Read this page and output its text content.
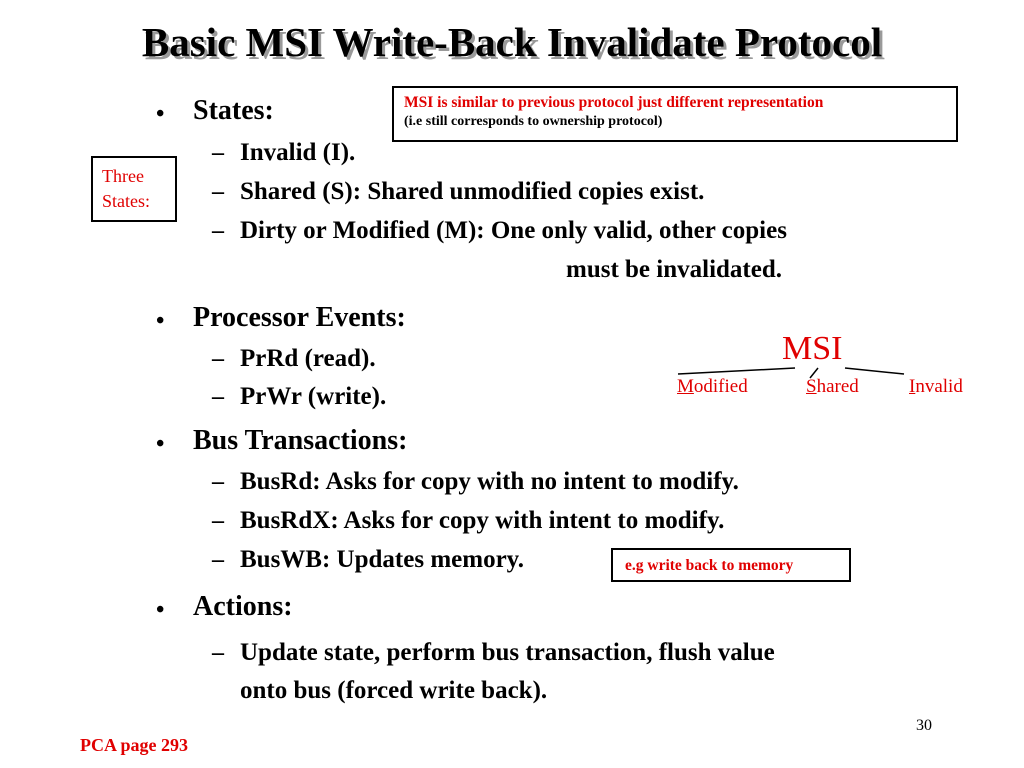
Basic MSI Write-Back Invalidate Protocol
• States:
– Invalid (I).
– Shared (S): Shared unmodified copies exist.
– Dirty or Modified (M): One only valid, other copies
must be invalidated.
MSI is similar to previous protocol just different representation
(i.e still corresponds to ownership protocol)
Three
States:
• Processor Events:
– PrRd (read).
– PrWr (write).
MSI
Modified	Shared	Invalid
• Bus Transactions:
– BusRd: Asks for copy with no intent to modify.
– BusRdX: Asks for copy with intent to modify.
– BusWB: Updates memory.	e.g write back to memory
• Actions:
– Update state, perform bus transaction, flush value
onto bus (forced write back).
30
PCA page 293
